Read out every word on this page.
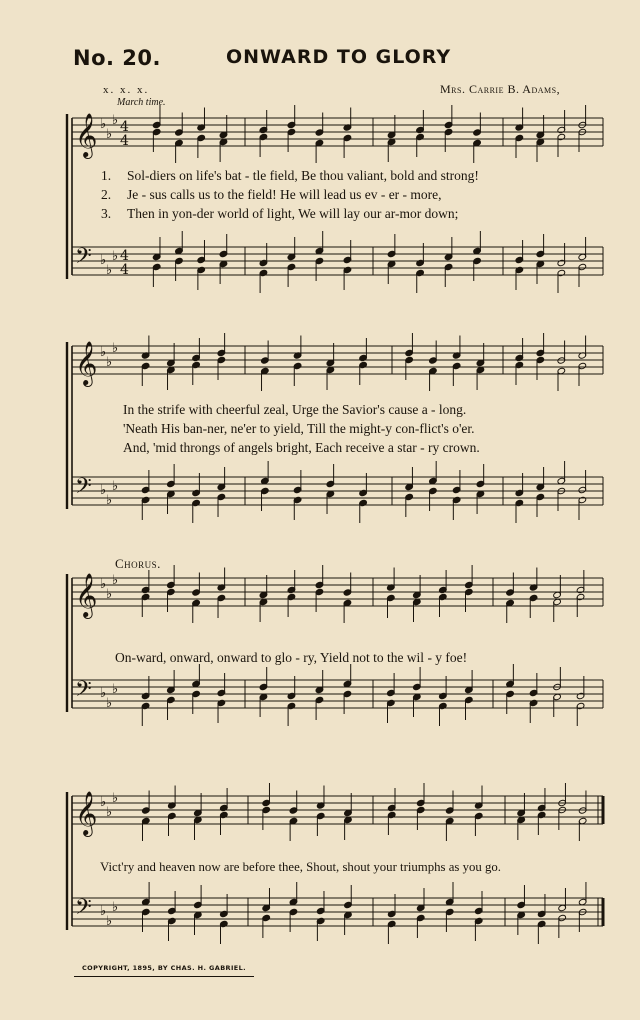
𝄞
𝄢
♭
♭
♭
♭
♭
♭
4
4
4
4
𝄞
𝄢
♭
♭
♭
♭
♭
♭
𝄞
𝄢
♭
♭
♭
♭
♭
♭
𝄞
𝄢
♭
♭
♭
♭
♭
♭
No. 20.	ONWARD TO GLORY
x. x. x.	Mrs. Carrie B. Adams,
March time.
1. Sol-diers on life's bat - tle field, Be thou valiant, bold and strong!
2. Je - sus calls us to the field! He will lead us ev - er - more,
3. Then in yon-der world of light, We will lay our ar-mor down;
In the strife with cheerful zeal, Urge the Savior's cause a - long.
'Neath His ban-ner, ne'er to yield, Till the might-y con-flict's o'er.
And, 'mid throngs of angels bright, Each receive a star - ry crown.
Chorus.
On-ward, onward, onward to glo - ry, Yield not to the wil - y foe!
Vict'ry and heaven now are before thee, Shout, shout your triumphs as you go.
COPYRIGHT, 1895, BY CHAS. H. GABRIEL.
